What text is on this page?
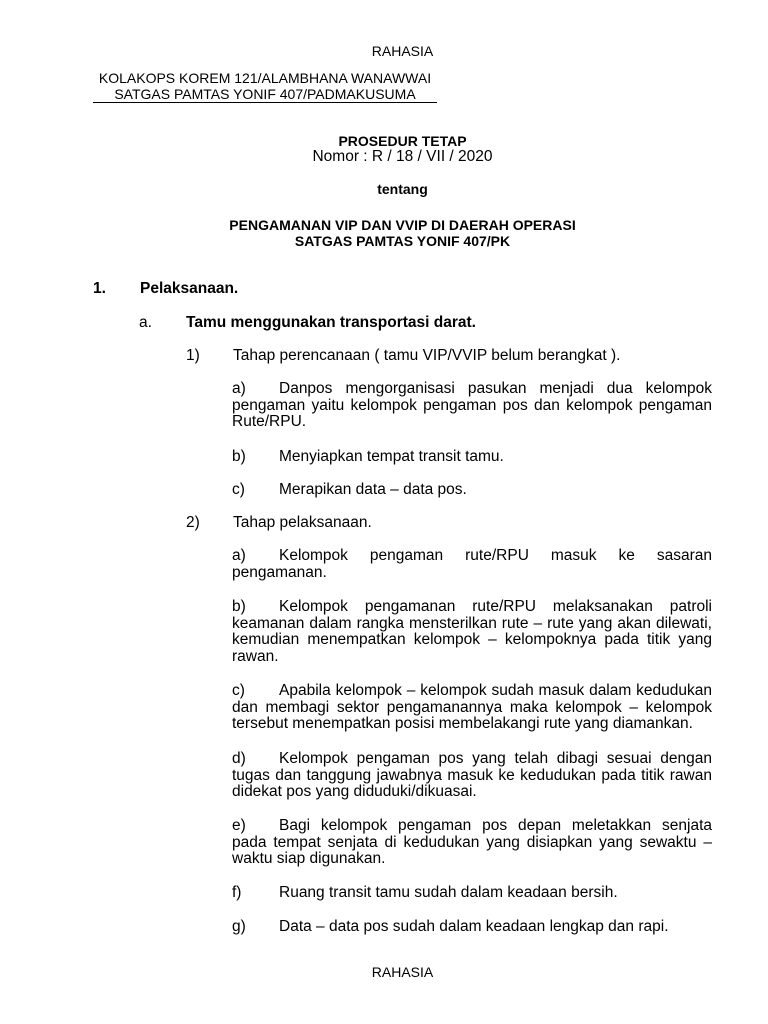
RAHASIA
KOLAKOPS KOREM 121/ALAMBHANA WANAWWAI
SATGAS PAMTAS YONIF 407/PADMAKUSUMA
PROSEDUR TETAP
Nomor : R / 18 / VII / 2020
tentang
PENGAMANAN VIP DAN VVIP DI DAERAH OPERASI
SATGAS PAMTAS YONIF 407/PK
1.	Pelaksanaan.
a.	Tamu menggunakan transportasi darat.
1)	Tahap perencanaan ( tamu VIP/VVIP belum berangkat ).
a)	Danpos mengorganisasi pasukan menjadi dua kelompok
pengaman yaitu kelompok pengaman pos dan kelompok pengaman
Rute/RPU.
b)	Menyiapkan tempat transit tamu.
c)	Merapikan data – data pos.
2)	Tahap pelaksanaan.
a)	Kelompok pengaman rute/RPU masuk ke sasaran
pengamanan.
b)	Kelompok pengamanan rute/RPU melaksanakan patroli
keamanan dalam rangka mensterilkan rute – rute yang akan dilewati,
kemudian menempatkan kelompok – kelompoknya pada titik yang
rawan.
c)	Apabila kelompok – kelompok sudah masuk dalam kedudukan
dan membagi sektor pengamanannya maka kelompok – kelompok
tersebut menempatkan posisi membelakangi rute yang diamankan.
d)	Kelompok pengaman pos yang telah dibagi sesuai dengan
tugas dan tanggung jawabnya masuk ke kedudukan pada titik rawan
didekat pos yang diduduki/dikuasai.
e)	Bagi kelompok pengaman pos depan meletakkan senjata
pada tempat senjata di kedudukan yang disiapkan yang sewaktu –
waktu siap digunakan.
f)	Ruang transit tamu sudah dalam keadaan bersih.
g)	Data – data pos sudah dalam keadaan lengkap dan rapi.
RAHASIA
